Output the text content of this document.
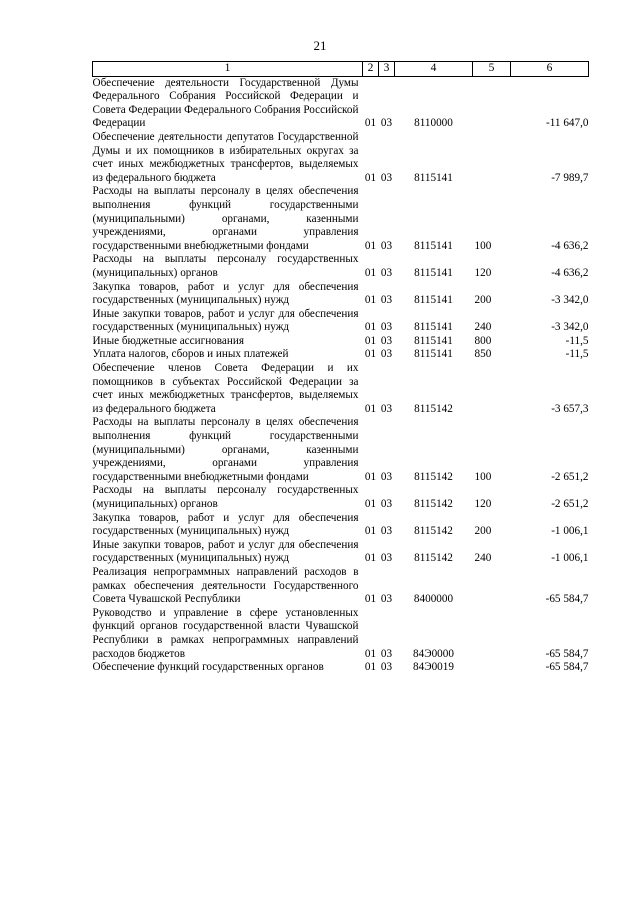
21
1	2	3	4	5	6
Обеспечение деятельности Государственной Думы Федерального Собрания Российской Федерации и Совета Федерации Федерального Собрания Российской Федерации	01	03	8110000		-11 647,0
Обеспечение деятельности депутатов Государственной Думы и их помощников в избирательных округах за счет иных межбюджетных трансфертов, выделяемых из федерального бюджета	01	03	8115141		-7 989,7
Расходы на выплаты персоналу в целях обеспечения выполнения функций государственными (муниципальными) органами, казенными учреждениями, органами управления государственными внебюджетными фондами	01	03	8115141	100	-4 636,2
Расходы на выплаты персоналу государственных (муниципальных) органов	01	03	8115141	120	-4 636,2
Закупка товаров, работ и услуг для обеспечения государственных (муниципальных) нужд	01	03	8115141	200	-3 342,0
Иные закупки товаров, работ и услуг для обеспечения государственных (муниципальных) нужд	01	03	8115141	240	-3 342,0
Иные бюджетные ассигнования	01	03	8115141	800	-11,5
Уплата налогов, сборов и иных платежей	01	03	8115141	850	-11,5
Обеспечение членов Совета Федерации и их помощников в субъектах Российской Федерации за счет иных межбюджетных трансфертов, выделяемых из федерального бюджета	01	03	8115142		-3 657,3
Расходы на выплаты персоналу в целях обеспечения выполнения функций государственными (муниципальными) органами, казенными учреждениями, органами управления государственными внебюджетными фондами	01	03	8115142	100	-2 651,2
Расходы на выплаты персоналу государственных (муниципальных) органов	01	03	8115142	120	-2 651,2
Закупка товаров, работ и услуг для обеспечения государственных (муниципальных) нужд	01	03	8115142	200	-1 006,1
Иные закупки товаров, работ и услуг для обеспечения государственных (муниципальных) нужд	01	03	8115142	240	-1 006,1
Реализация непрограммных направлений расходов в рамках обеспечения деятельности Государственного Совета Чувашской Республики	01	03	8400000		-65 584,7
Руководство и управление в сфере установленных функций органов государственной власти Чувашской Республики в рамках непрограммных направлений расходов бюджетов	01	03	84Э0000		-65 584,7
Обеспечение функций государственных органов	01	03	84Э0019		-65 584,7
